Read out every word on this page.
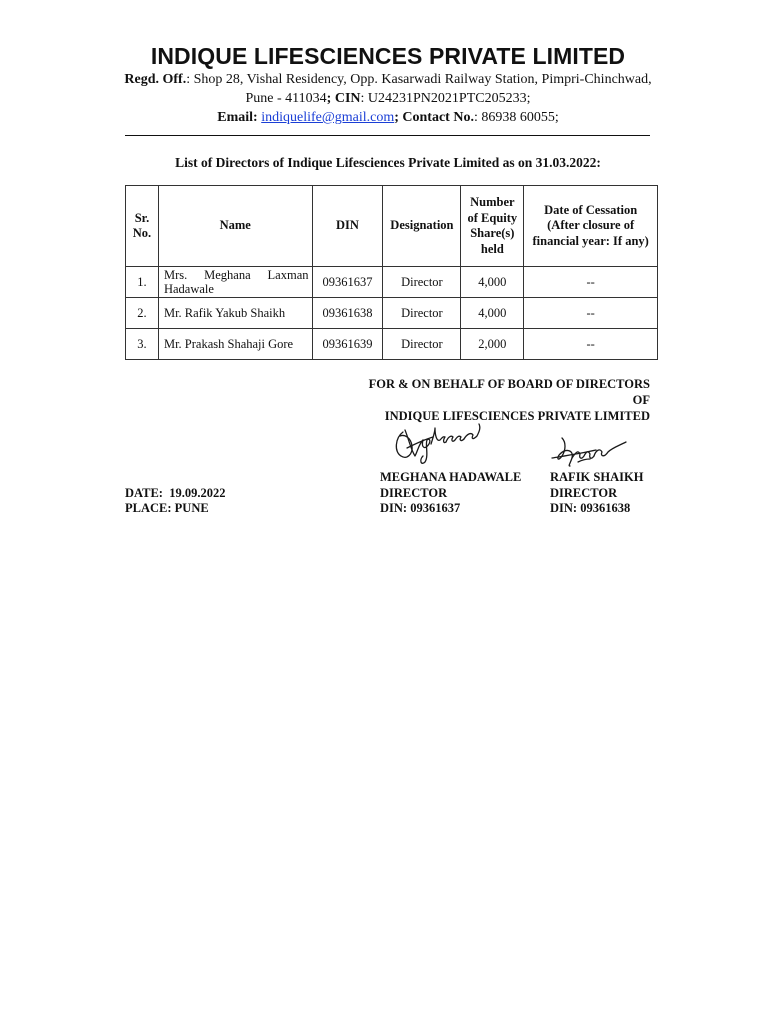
INDIQUE LIFESCIENCES PRIVATE LIMITED
Regd. Off.: Shop 28, Vishal Residency, Opp. Kasarwadi Railway Station, Pimpri-Chinchwad, Pune - 411034; CIN: U24231PN2021PTC205233;
Email: indiquelife@gmail.com; Contact No.: 86938 60055;
List of Directors of Indique Lifesciences Private Limited as on 31.03.2022:
Sr. No.	Name	DIN	Designation	Number of Equity Share(s) held	Date of Cessation (After closure of financial year: If any)
1.	Mrs. Meghana Laxman Hadawale	09361637	Director	4,000	--
2.	Mr. Rafik Yakub Shaikh	09361638	Director	4,000	--
3.	Mr. Prakash Shahaji Gore	09361639	Director	2,000	--
FOR & ON BEHALF OF BOARD OF DIRECTORS OF
INDIQUE LIFESCIENCES PRIVATE LIMITED
MEGHANA HADAWALE
DIRECTOR
DIN: 09361637
RAFIK SHAIKH
DIRECTOR
DIN: 09361638
DATE:  19.09.2022
PLACE: PUNE
